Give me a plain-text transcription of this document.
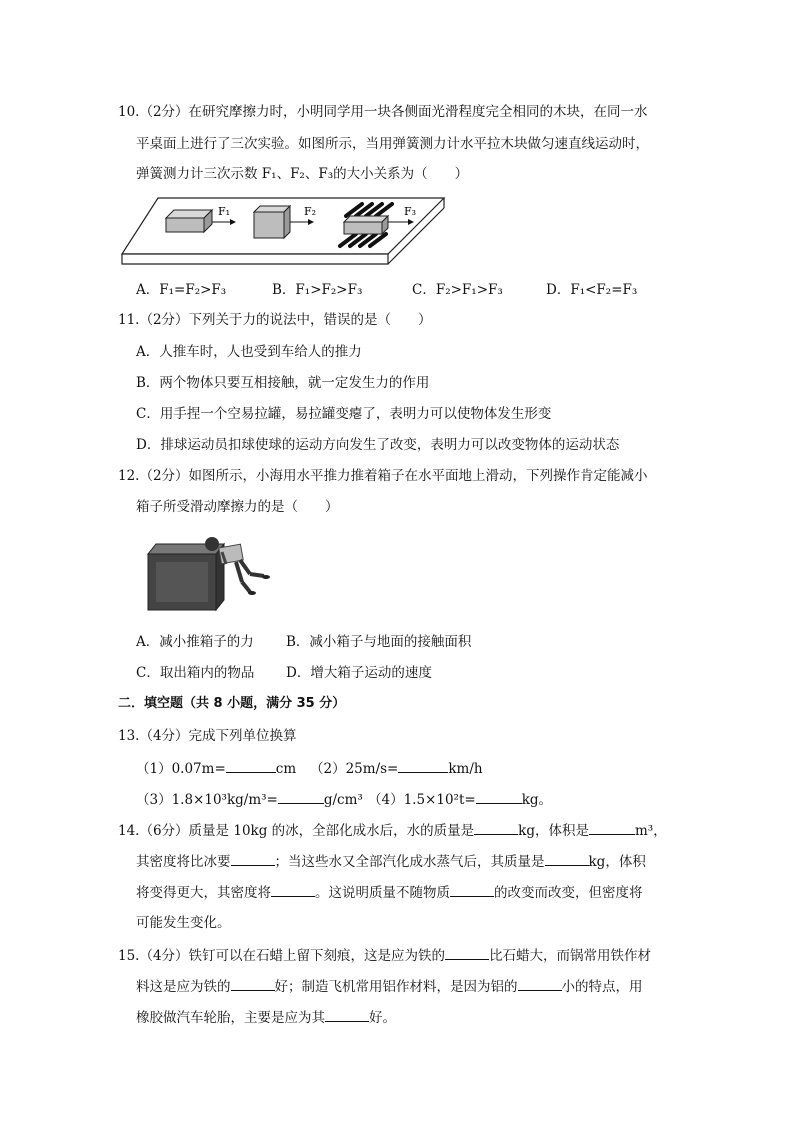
10.（2分）在研究摩擦力时，小明同学用一块各侧面光滑程度完全相同的木块，在同一水
平桌面上进行了三次实验。如图所示，当用弹簧测力计水平拉木块做匀速直线运动时，
弹簧测力计三次示数 F₁、F₂、F₃的大小关系为（　　）
F₁	F₂	F₃
A．F₁=F₂>F₃	B．F₁>F₂>F₃	C．F₂>F₁>F₃	D．F₁<F₂=F₃
11.（2分）下列关于力的说法中，错误的是（　　）
A．人推车时，人也受到车给人的推力
B．两个物体只要互相接触，就一定发生力的作用
C．用手捏一个空易拉罐，易拉罐变瘪了，表明力可以使物体发生形变
D．排球运动员扣球使球的运动方向发生了改变，表明力可以改变物体的运动状态
12.（2分）如图所示，小海用水平推力推着箱子在水平面地上滑动，下列操作肯定能减小
箱子所受滑动摩擦力的是（　　）
A．减小推箱子的力 B．减小箱子与地面的接触面积
C．取出箱内的物品 D．增大箱子运动的速度
二．填空题（共 8 小题，满分 35 分）
13.（4分）完成下列单位换算
（1）0.07m=	cm （2）25m/s=	km/h
（3）1.8×10³kg/m³=	g/cm³ （4）1.5×10²t=	kg。
14.（6分）质量是 10kg 的冰，全部化成水后，水的质量是	kg，体积是	m³，
其密度将比冰要	；当这些水又全部汽化成水蒸气后，其质量是	kg，体积
将变得更大，其密度将	。这说明质量不随物质	的改变而改变，但密度将
可能发生变化。
15.（4分）铁钉可以在石蜡上留下刻痕，这是应为铁的	比石蜡大，而锅常用铁作材
料这是应为铁的	好；制造飞机常用铝作材料，是因为铝的	小的特点，用
橡胶做汽车轮胎，主要是应为其	好。
